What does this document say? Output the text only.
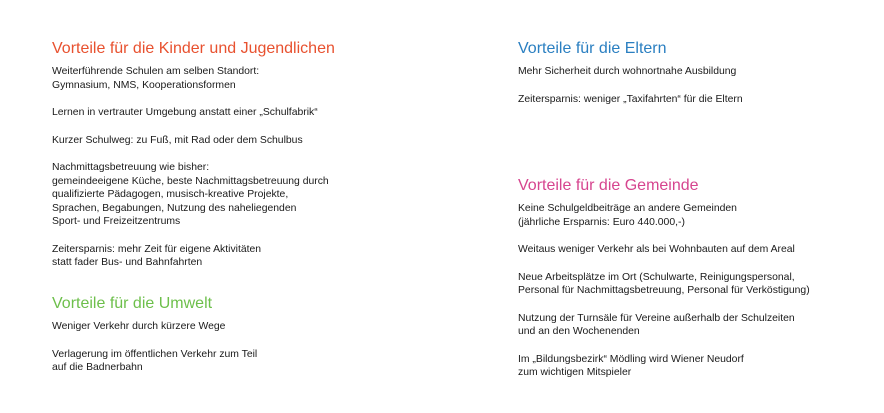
Vorteile für die Kinder und Jugendlichen

Weiterführende Schulen am selben Standort:
Gymnasium, NMS, Kooperationsformen

Lernen in vertrauter Umgebung anstatt einer „Schulfabrik“

Kurzer Schulweg: zu Fuß, mit Rad oder dem Schulbus

Nachmittagsbetreuung wie bisher:
gemeindeeigene Küche, beste Nachmittagsbetreuung durch
qualifizierte Pädagogen, musisch-kreative Projekte,
Sprachen, Begabungen, Nutzung des naheliegenden
Sport- und Freizeitzentrums

Zeitersparnis: mehr Zeit für eigene Aktivitäten
statt fader Bus- und Bahnfahrten

Vorteile für die Umwelt

Weniger Verkehr durch kürzere Wege

Verlagerung im öffentlichen Verkehr zum Teil
auf die Badnerbahn

Vorteile für die Eltern

Mehr Sicherheit durch wohnortnahe Ausbildung

Zeitersparnis: weniger „Taxifahrten“ für die Eltern

Vorteile für die Gemeinde

Keine Schulgeldbeiträge an andere Gemeinden
(jährliche Ersparnis: Euro 440.000,-)

Weitaus weniger Verkehr als bei Wohnbauten auf dem Areal

Neue Arbeitsplätze im Ort (Schulwarte, Reinigungspersonal,
Personal für Nachmittagsbetreuung, Personal für Verköstigung)

Nutzung der Turnsäle für Vereine außerhalb der Schulzeiten
und an den Wochenenden

Im „Bildungsbezirk“ Mödling wird Wiener Neudorf
zum wichtigen Mitspieler
